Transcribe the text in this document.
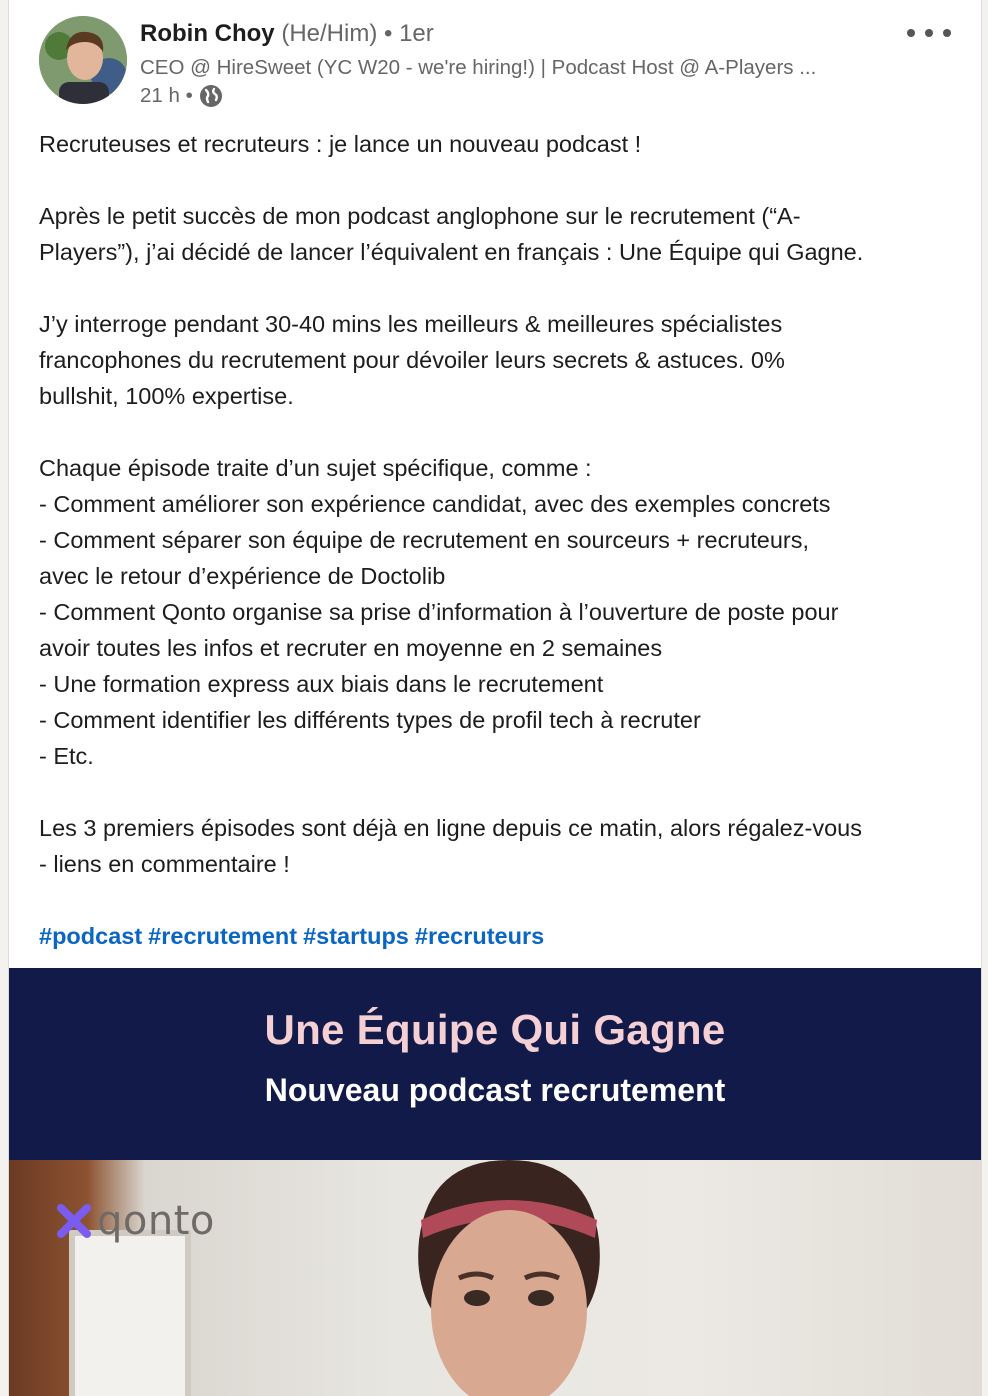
Robin Choy (He/Him) • 1er
CEO @ HireSweet (YC W20 - we're hiring!) | Podcast Host @ A-Players ...
21 h •

Recruteuses et recruteurs : je lance un nouveau podcast !

Après le petit succès de mon podcast anglophone sur le recrutement (“A-
Players”), j’ai décidé de lancer l’équivalent en français : Une Équipe qui Gagne.

J’y interroge pendant 30-40 mins les meilleurs & meilleures spécialistes
francophones du recrutement pour dévoiler leurs secrets & astuces. 0%
bullshit, 100% expertise.

Chaque épisode traite d’un sujet spécifique, comme :
- Comment améliorer son expérience candidat, avec des exemples concrets
- Comment séparer son équipe de recrutement en sourceurs + recruteurs,
avec le retour d’expérience de Doctolib
- Comment Qonto organise sa prise d’information à l’ouverture de poste pour
avoir toutes les infos et recruter en moyenne en 2 semaines
- Une formation express aux biais dans le recrutement
- Comment identifier les différents types de profil tech à recruter
- Etc.

Les 3 premiers épisodes sont déjà en ligne depuis ce matin, alors régalez-vous
- liens en commentaire !

#podcast #recrutement #startups #recruteurs

Une Équipe Qui Gagne
Nouveau podcast recrutement
qonto
